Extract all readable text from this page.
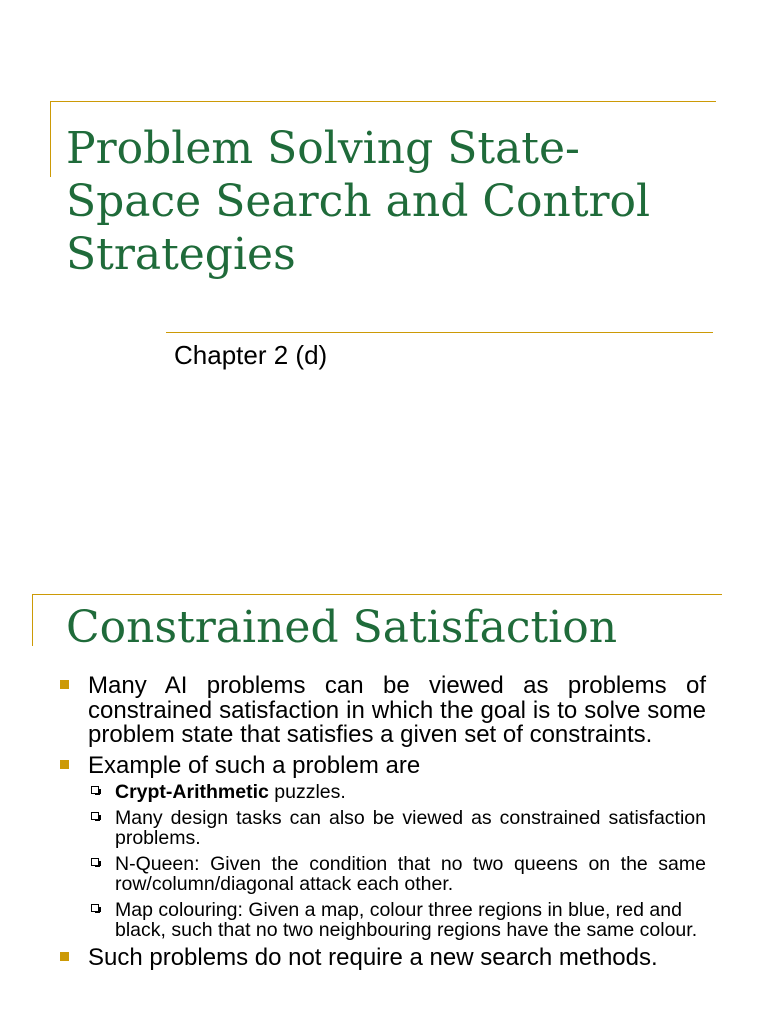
Problem Solving State-Space Search and Control Strategies
Chapter 2 (d)
Constrained Satisfaction
Many AI problems can be viewed as problems of constrained satisfaction in which the goal is to solve some problem state that satisfies a given set of constraints.
Example of such a problem are
Crypt-Arithmetic puzzles.
Many design tasks can also be viewed as constrained satisfaction problems.
N-Queen: Given the condition that no two queens on the same row/column/diagonal attack each other.
Map colouring: Given a map, colour three regions in blue, red and black, such that no two neighbouring regions have the same colour.
Such problems do not require a new search methods.
